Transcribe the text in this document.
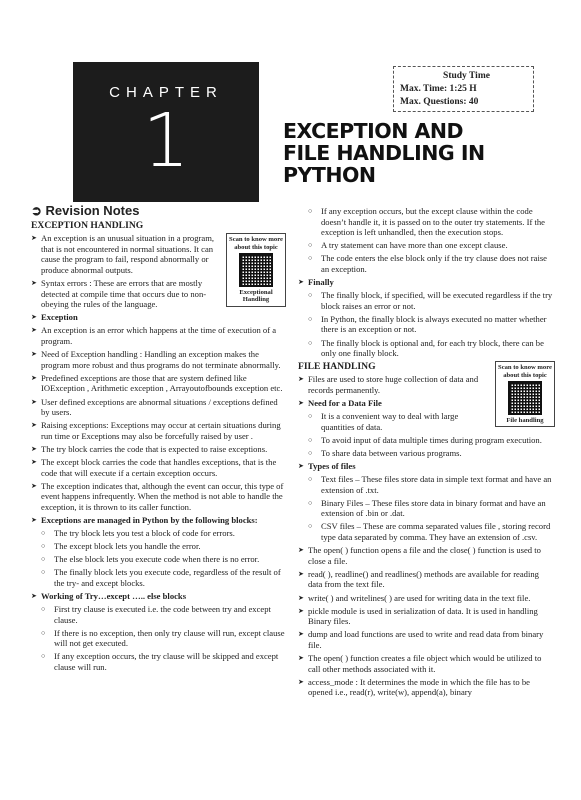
CHAPTER
1
Study Time
Max. Time: 1:25 H
Max. Questions: 40
EXCEPTION AND
FILE HANDLING IN
PYTHON
➲ Revision Notes
EXCEPTION HANDLING
Scan to know more about this topic
Exceptional Handling
➤ An exception is an unusual situation in a program, that is not encountered in normal situations. It can cause the program to fail, respond abnormally or produce abnormal outputs.
➤ Syntax errors : These are errors that are mostly detected at compile time that occurs due to non-obeying the rules of the language.
➤ Exception
➤ An exception is an error which happens at the time of execution of a program.
➤ Need of Exception handling : Handling an exception makes the program more robust and thus programs do not terminate abnormally.
➤ Predefined exceptions are those that are system defined like IOException , Arithmetic exception , Arrayoutofbounds exception etc.
➤ User defined exceptions are abnormal situations / exceptions defined by users.
➤ Raising exceptions: Exceptions may occur at certain situations during run time or Exceptions may also be forcefully raised by user .
➤ The try block carries the code that is expected to raise exceptions.
➤ The except block carries the code that handles exceptions, that is the code that will execute if a certain exception occurs.
➤ The exception indicates that, although the event can occur, this type of event happens infrequently. When the method is not able to handle the exception, it is thrown to its caller function.
➤ Exceptions are managed in Python by the following blocks:
○ The try block lets you test a block of code for errors.
○ The except block lets you handle the error.
○ The else block lets you execute code when there is no error.
○ The finally block lets you execute code, regardless of the result of the try- and except blocks.
➤ Working of Try…except ….. else blocks
○ First try clause is executed i.e. the code between try and except clause.
○ If there is no exception, then only try clause will run, except clause will not get executed.
○ If any exception occurs, the try clause will be skipped and except clause will run.
○ If any exception occurs, but the except clause within the code doesn’t handle it, it is passed on to the outer try statements. If the exception is left unhandled, then the execution stops.
○ A try statement can have more than one except clause.
○ The code enters the else block only if the try clause does not raise an exception.
➤ Finally
○ The finally block, if specified, will be executed regardless if the try block raises an error or not.
○ In Python, the finally block is always executed no matter whether there is an exception or not.
○ The finally block is optional and, for each try block, there can be only one finally block.
Scan to know more about this topic
File handling
FILE HANDLING
➤ Files are used to store huge collection of data and records permanently.
➤ Need for a Data File
○ It is a convenient way to deal with large quantities of data.
○ To avoid input of data multiple times during program execution.
○ To share data between various programs.
➤ Types of files
○ Text files – These files store data in simple text format and have an extension of .txt.
○ Binary Files – These files store data in binary format and have an extension of .bin or .dat.
○ CSV files – These are comma separated values file , storing record type data separated by comma. They have an extension of .csv.
➤ The open( ) function opens a file and the close( ) function is used to close a file.
➤ read( ), readline() and readlines() methods are available for reading data from the text file.
➤ write( ) and writelines( ) are used for writing data in the text file.
➤ pickle module is used in serialization of data. It is used in handling Binary files.
➤ dump and load functions are used to write and read data from binary file.
➤ The open( ) function creates a file object which would be utilized to call other methods associated with it.
➤ access_mode : It determines the mode in which the file has to be opened i.e., read(r), write(w), append(a), binary
